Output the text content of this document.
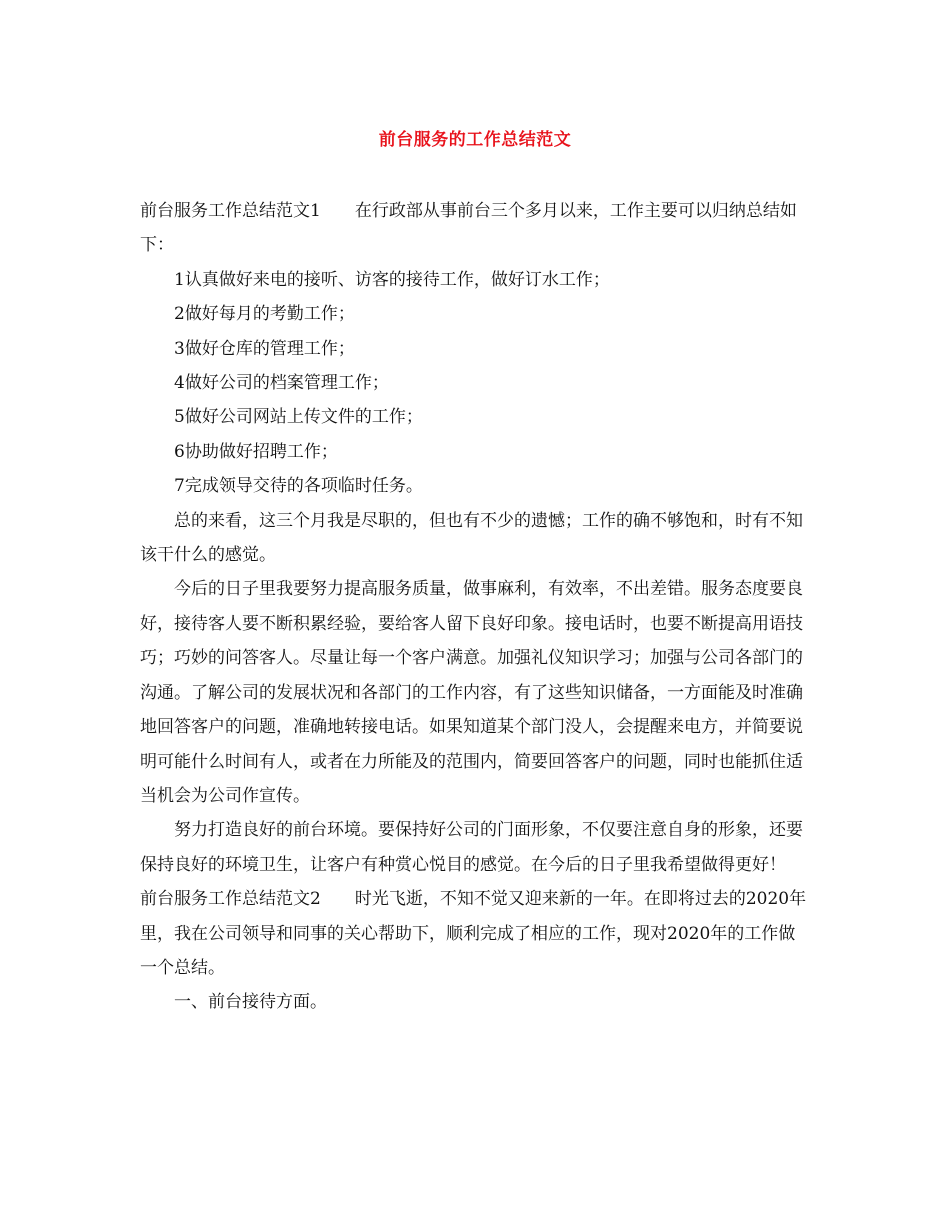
前台服务的工作总结范文

前台服务工作总结范文1 在行政部从事前台三个多月以来，工作主要可以归纳总结如下：

1认真做好来电的接听、访客的接待工作，做好订水工作；

2做好每月的考勤工作；

3做好仓库的管理工作；

4做好公司的档案管理工作；

5做好公司网站上传文件的工作；

6协助做好招聘工作；

7完成领导交待的各项临时任务。

总的来看，这三个月我是尽职的，但也有不少的遗憾；工作的确不够饱和，时有不知该干什么的感觉。

今后的日子里我要努力提高服务质量，做事麻利，有效率，不出差错。服务态度要良好，接待客人要不断积累经验，要给客人留下良好印象。接电话时，也要不断提高用语技巧；巧妙的问答客人。尽量让每一个客户满意。加强礼仪知识学习；加强与公司各部门的沟通。了解公司的发展状况和各部门的工作内容，有了这些知识储备，一方面能及时准确地回答客户的问题，准确地转接电话。如果知道某个部门没人，会提醒来电方，并简要说明可能什么时间有人，或者在力所能及的范围内，简要回答客户的问题，同时也能抓住适当机会为公司作宣传。

努力打造良好的前台环境。要保持好公司的门面形象，不仅要注意自身的形象，还要保持良好的环境卫生，让客户有种赏心悦目的感觉。在今后的日子里我希望做得更好！

前台服务工作总结范文2 时光飞逝，不知不觉又迎来新的一年。在即将过去的2020年里，我在公司领导和同事的关心帮助下，顺利完成了相应的工作，现对2020年的工作做一个总结。

一、前台接待方面。
